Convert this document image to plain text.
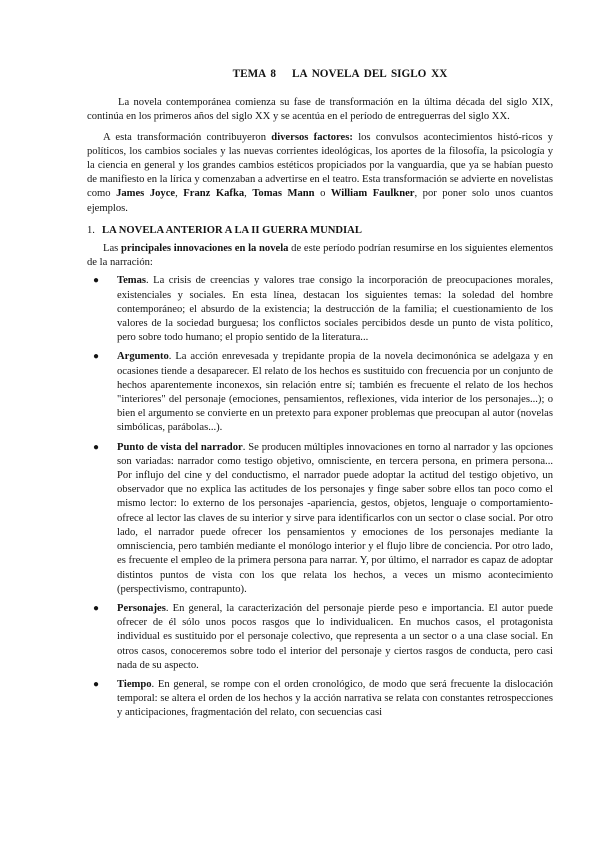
TEMA 8 LA NOVELA DEL SIGLO XX

La novela contemporánea comienza su fase de transformación en la última década del siglo XIX, continúa en los primeros años del siglo XX y se acentúa en el período de entreguerras del siglo XX.

A esta transformación contribuyeron diversos factores: los convulsos acontecimientos histó-ricos y políticos, los cambios sociales y las nuevas corrientes ideológicas, los aportes de la filosofía, la psicología y la ciencia en general y los grandes cambios estéticos propiciados por la vanguardia, que ya se habían puesto de manifiesto en la lírica y comenzaban a advertirse en el teatro. Esta transformación se advierte en novelistas como James Joyce, Franz Kafka, Tomas Mann o William Faulkner, por poner solo unos cuantos ejemplos.

1. LA NOVELA ANTERIOR A LA II GUERRA MUNDIAL

Las principales innovaciones en la novela de este período podrían resumirse en los siguientes elementos de la narración:

● Temas. La crisis de creencias y valores trae consigo la incorporación de preocupaciones morales, existenciales y sociales. En esta línea, destacan los siguientes temas: la soledad del hombre contemporáneo; el absurdo de la existencia; la destrucción de la familia; el cuestionamiento de los valores de la sociedad burguesa; los conflictos sociales percibidos desde un punto de vista político, pero sobre todo humano; el propio sentido de la literatura...
● Argumento. La acción enrevesada y trepidante propia de la novela decimonónica se adelgaza y en ocasiones tiende a desaparecer. El relato de los hechos es sustituido con frecuencia por un conjunto de hechos aparentemente inconexos, sin relación entre sí; también es frecuente el relato de los hechos "interiores" del personaje (emociones, pensamientos, reflexiones, vida interior de los personajes...); o bien el argumento se convierte en un pretexto para exponer problemas que preocupan al autor (novelas simbólicas, parábolas...).
● Punto de vista del narrador. Se producen múltiples innovaciones en torno al narrador y las opciones son variadas: narrador como testigo objetivo, omnisciente, en tercera persona, en primera persona... Por influjo del cine y del conductismo, el narrador puede adoptar la actitud del testigo objetivo, un observador que no explica las actitudes de los personajes y finge saber sobre ellos tan poco como el mismo lector: lo externo de los personajes -apariencia, gestos, objetos, lenguaje o comportamiento- ofrece al lector las claves de su interior y sirve para identificarlos con un sector o clase social. Por otro lado, el narrador puede ofrecer los pensamientos y emociones de los personajes mediante la omnisciencia, pero también mediante el monólogo interior y el flujo libre de conciencia. Por otro lado, es frecuente el empleo de la primera persona para narrar. Y, por último, el narrador es capaz de adoptar distintos puntos de vista con los que relata los hechos, a veces un mismo acontecimiento (perspectivismo, contrapunto).
● Personajes. En general, la caracterización del personaje pierde peso e importancia. El autor puede ofrecer de él sólo unos pocos rasgos que lo individualicen. En muchos casos, el protagonista individual es sustituido por el personaje colectivo, que representa a un sector o a una clase social. En otros casos, conoceremos sobre todo el interior del personaje y ciertos rasgos de conducta, pero casi nada de su aspecto.
● Tiempo. En general, se rompe con el orden cronológico, de modo que será frecuente la dislocación temporal: se altera el orden de los hechos y la acción narrativa se relata con constantes retrospecciones y anticipaciones, fragmentación del relato, con secuencias casi
